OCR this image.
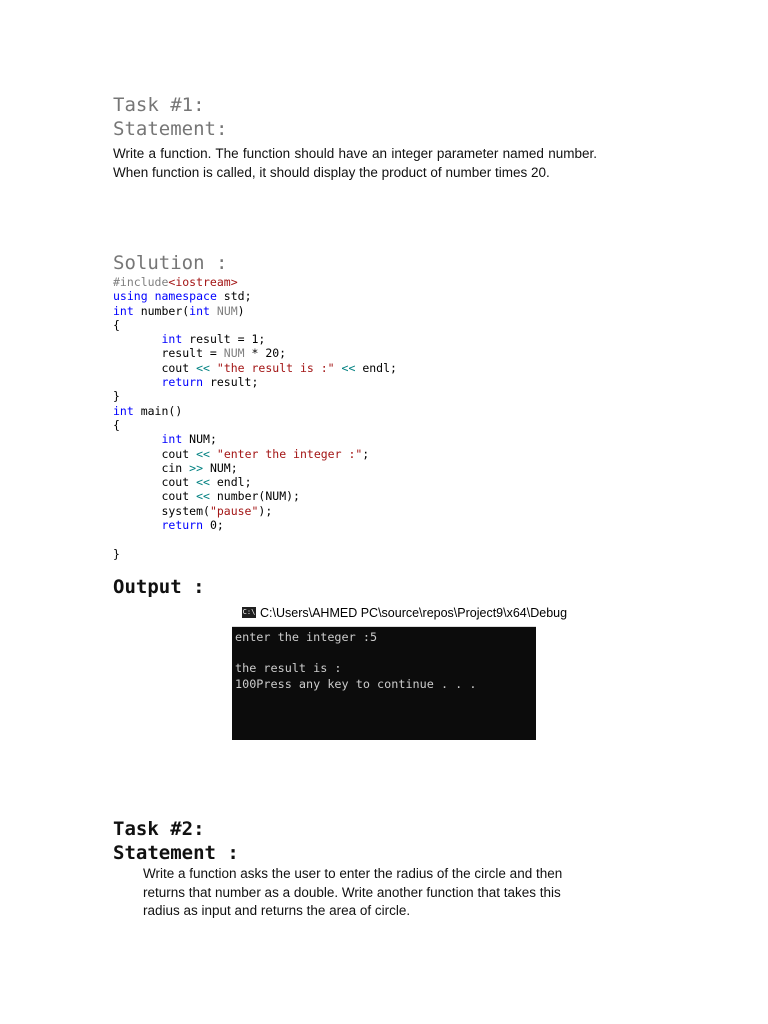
Task #1:
Statement:
Write a function. The function should have an integer parameter named number. When function is called, it should display the product of number times 20.
Solution :
#include<iostream>
using namespace std;
int number(int NUM)
{
int result = 1;
result = NUM * 20;
cout << "the result is :" << endl;
return result;
}
int main()
{
int NUM;
cout << "enter the integer :";
cin >> NUM;
cout << endl;
cout << number(NUM);
system("pause");
return 0;
}
Output :
C:\ C:\Users\AHMED PC\source\repos\Project9\x64\Debug
enter the integer :5
the result is :
100Press any key to continue . . .
Task #2:
Statement :
Write a function asks the user to enter the radius of the circle and then returns that number as a double. Write another function that takes this radius as input and returns the area of circle.
